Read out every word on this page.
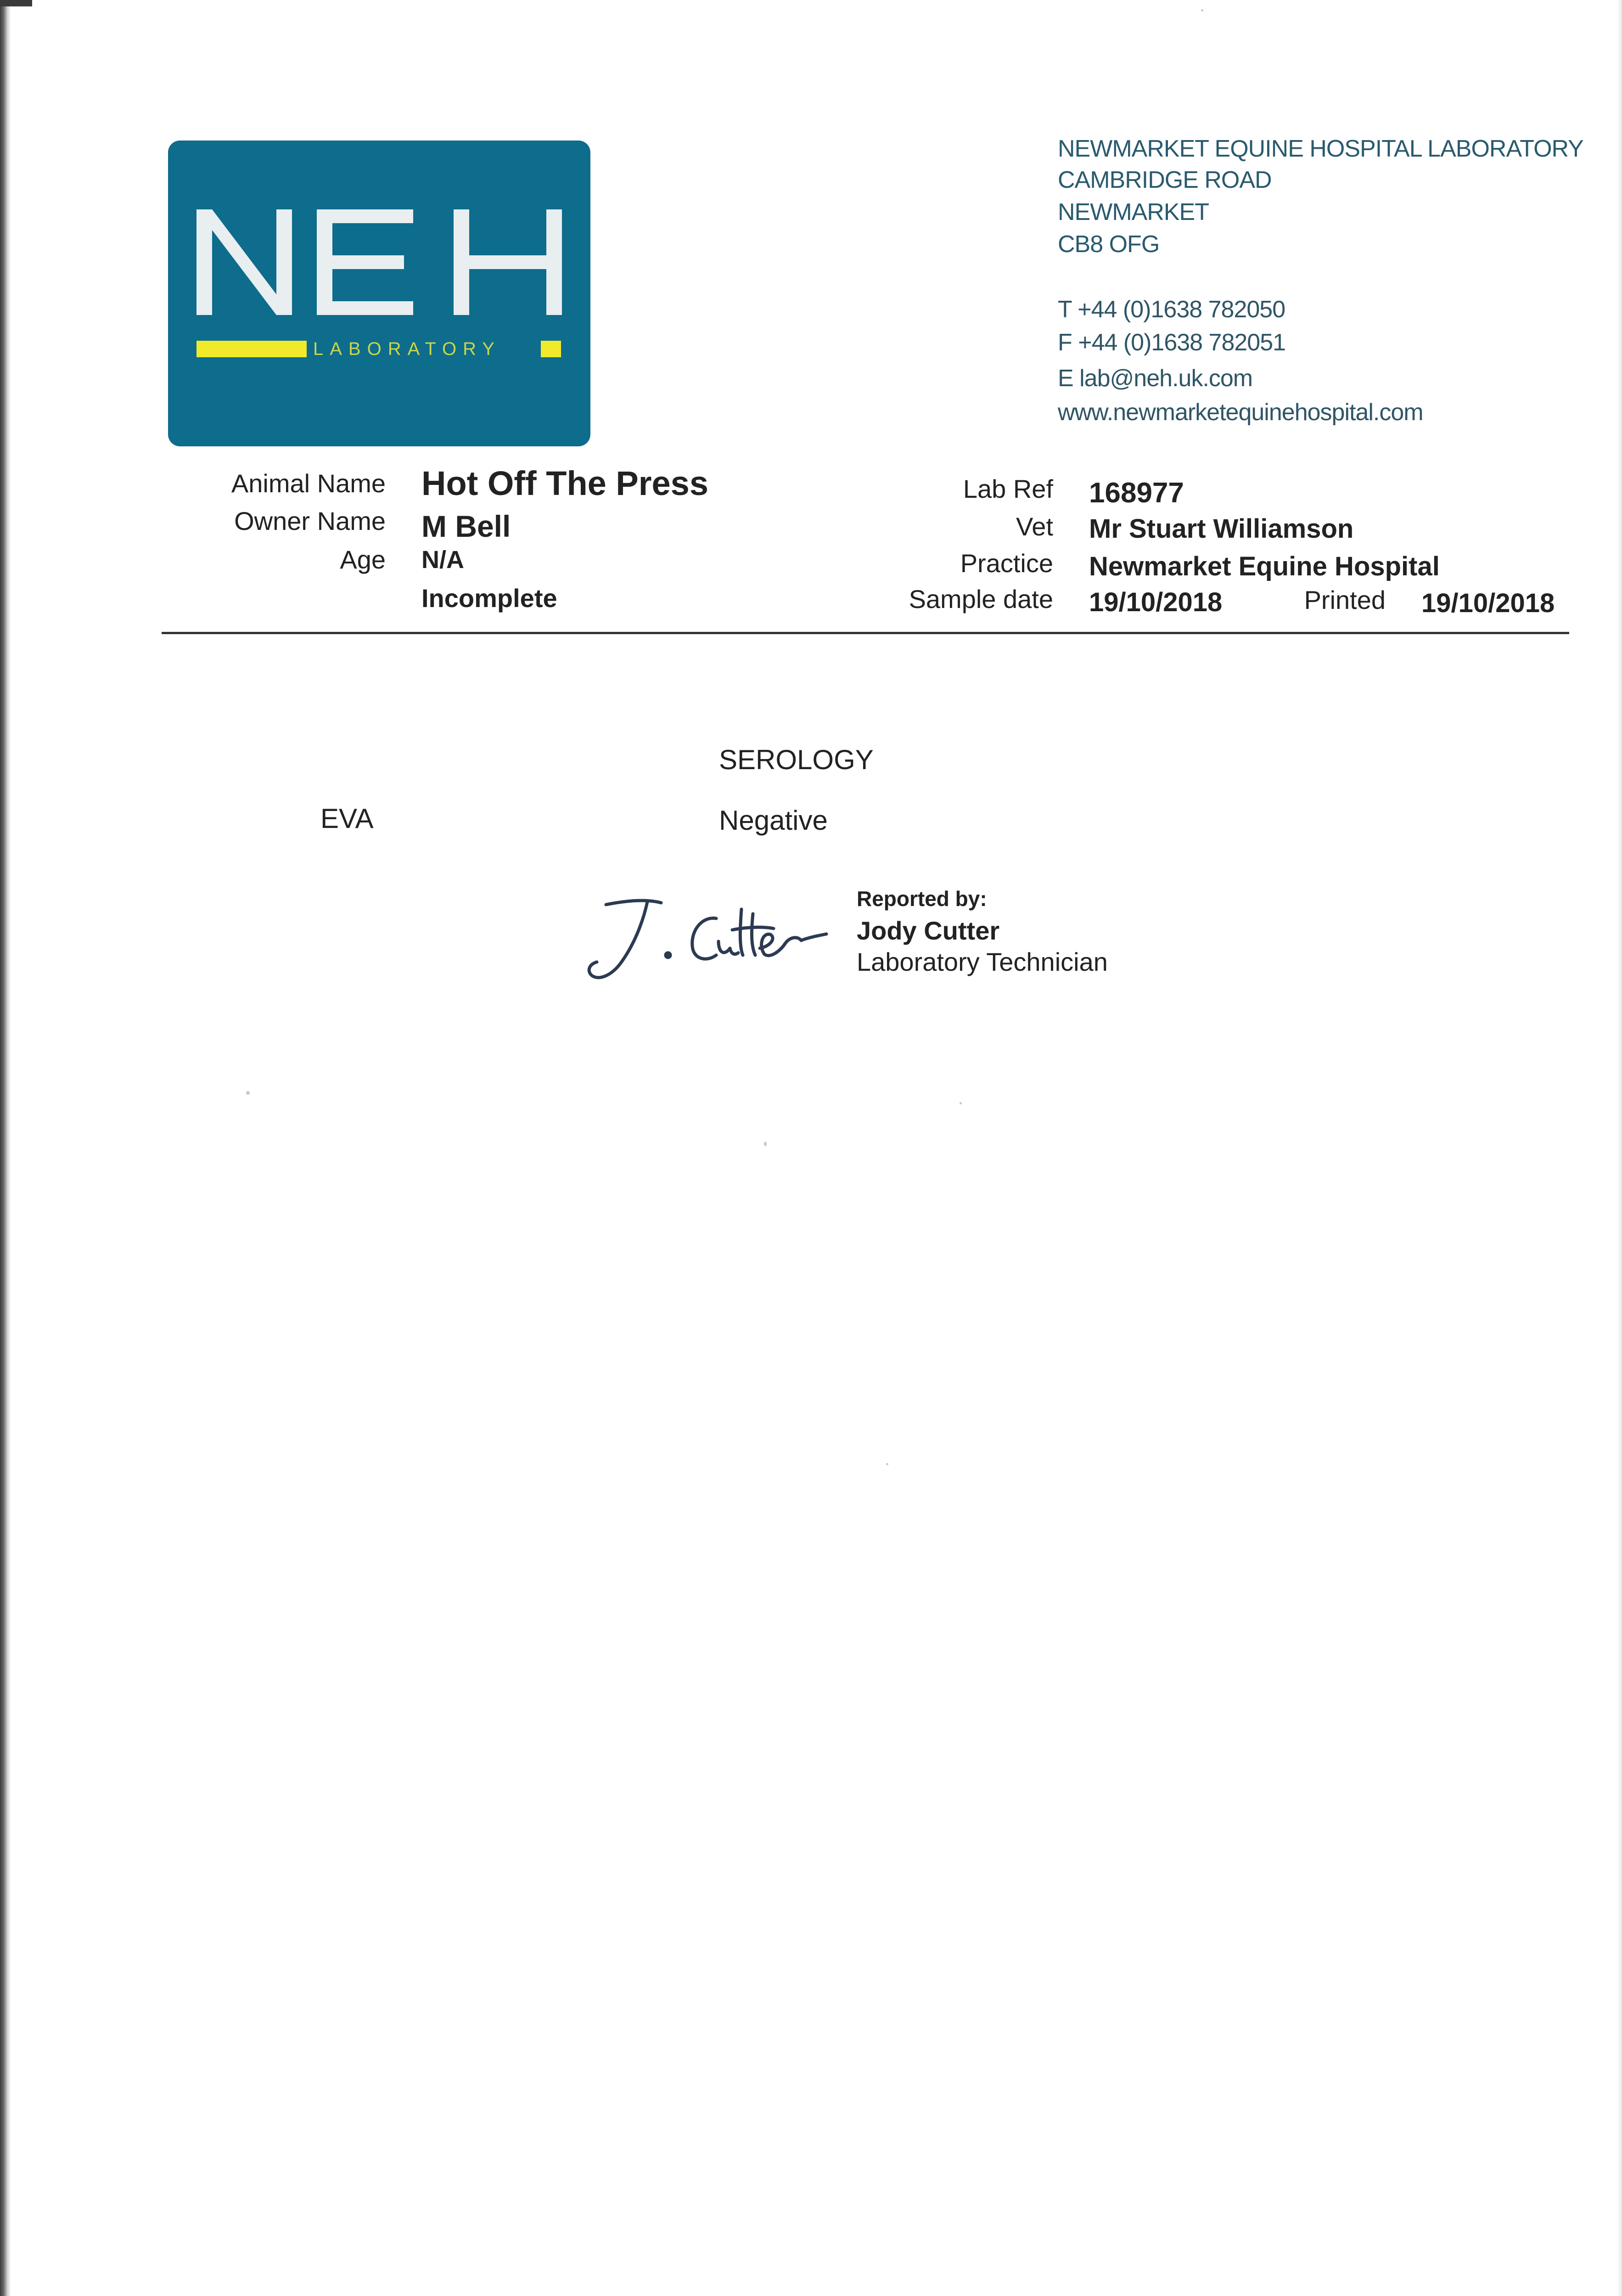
LABORATORY
NEWMARKET EQUINE HOSPITAL LABORATORY
CAMBRIDGE ROAD
NEWMARKET
CB8 OFG
T +44 (0)1638 782050
F +44 (0)1638 782051
E lab@neh.uk.com
www.newmarketequinehospital.com
Animal Name Hot Off The Press
Owner Name M Bell
Age N/A
Incomplete
Lab Ref 168977
Vet Mr Stuart Williamson
Practice Newmarket Equine Hospital
Sample date 19/10/2018	Printed 19/10/2018
SEROLOGY
EVA	Negative
Reported by:
Jody Cutter
Laboratory Technician
